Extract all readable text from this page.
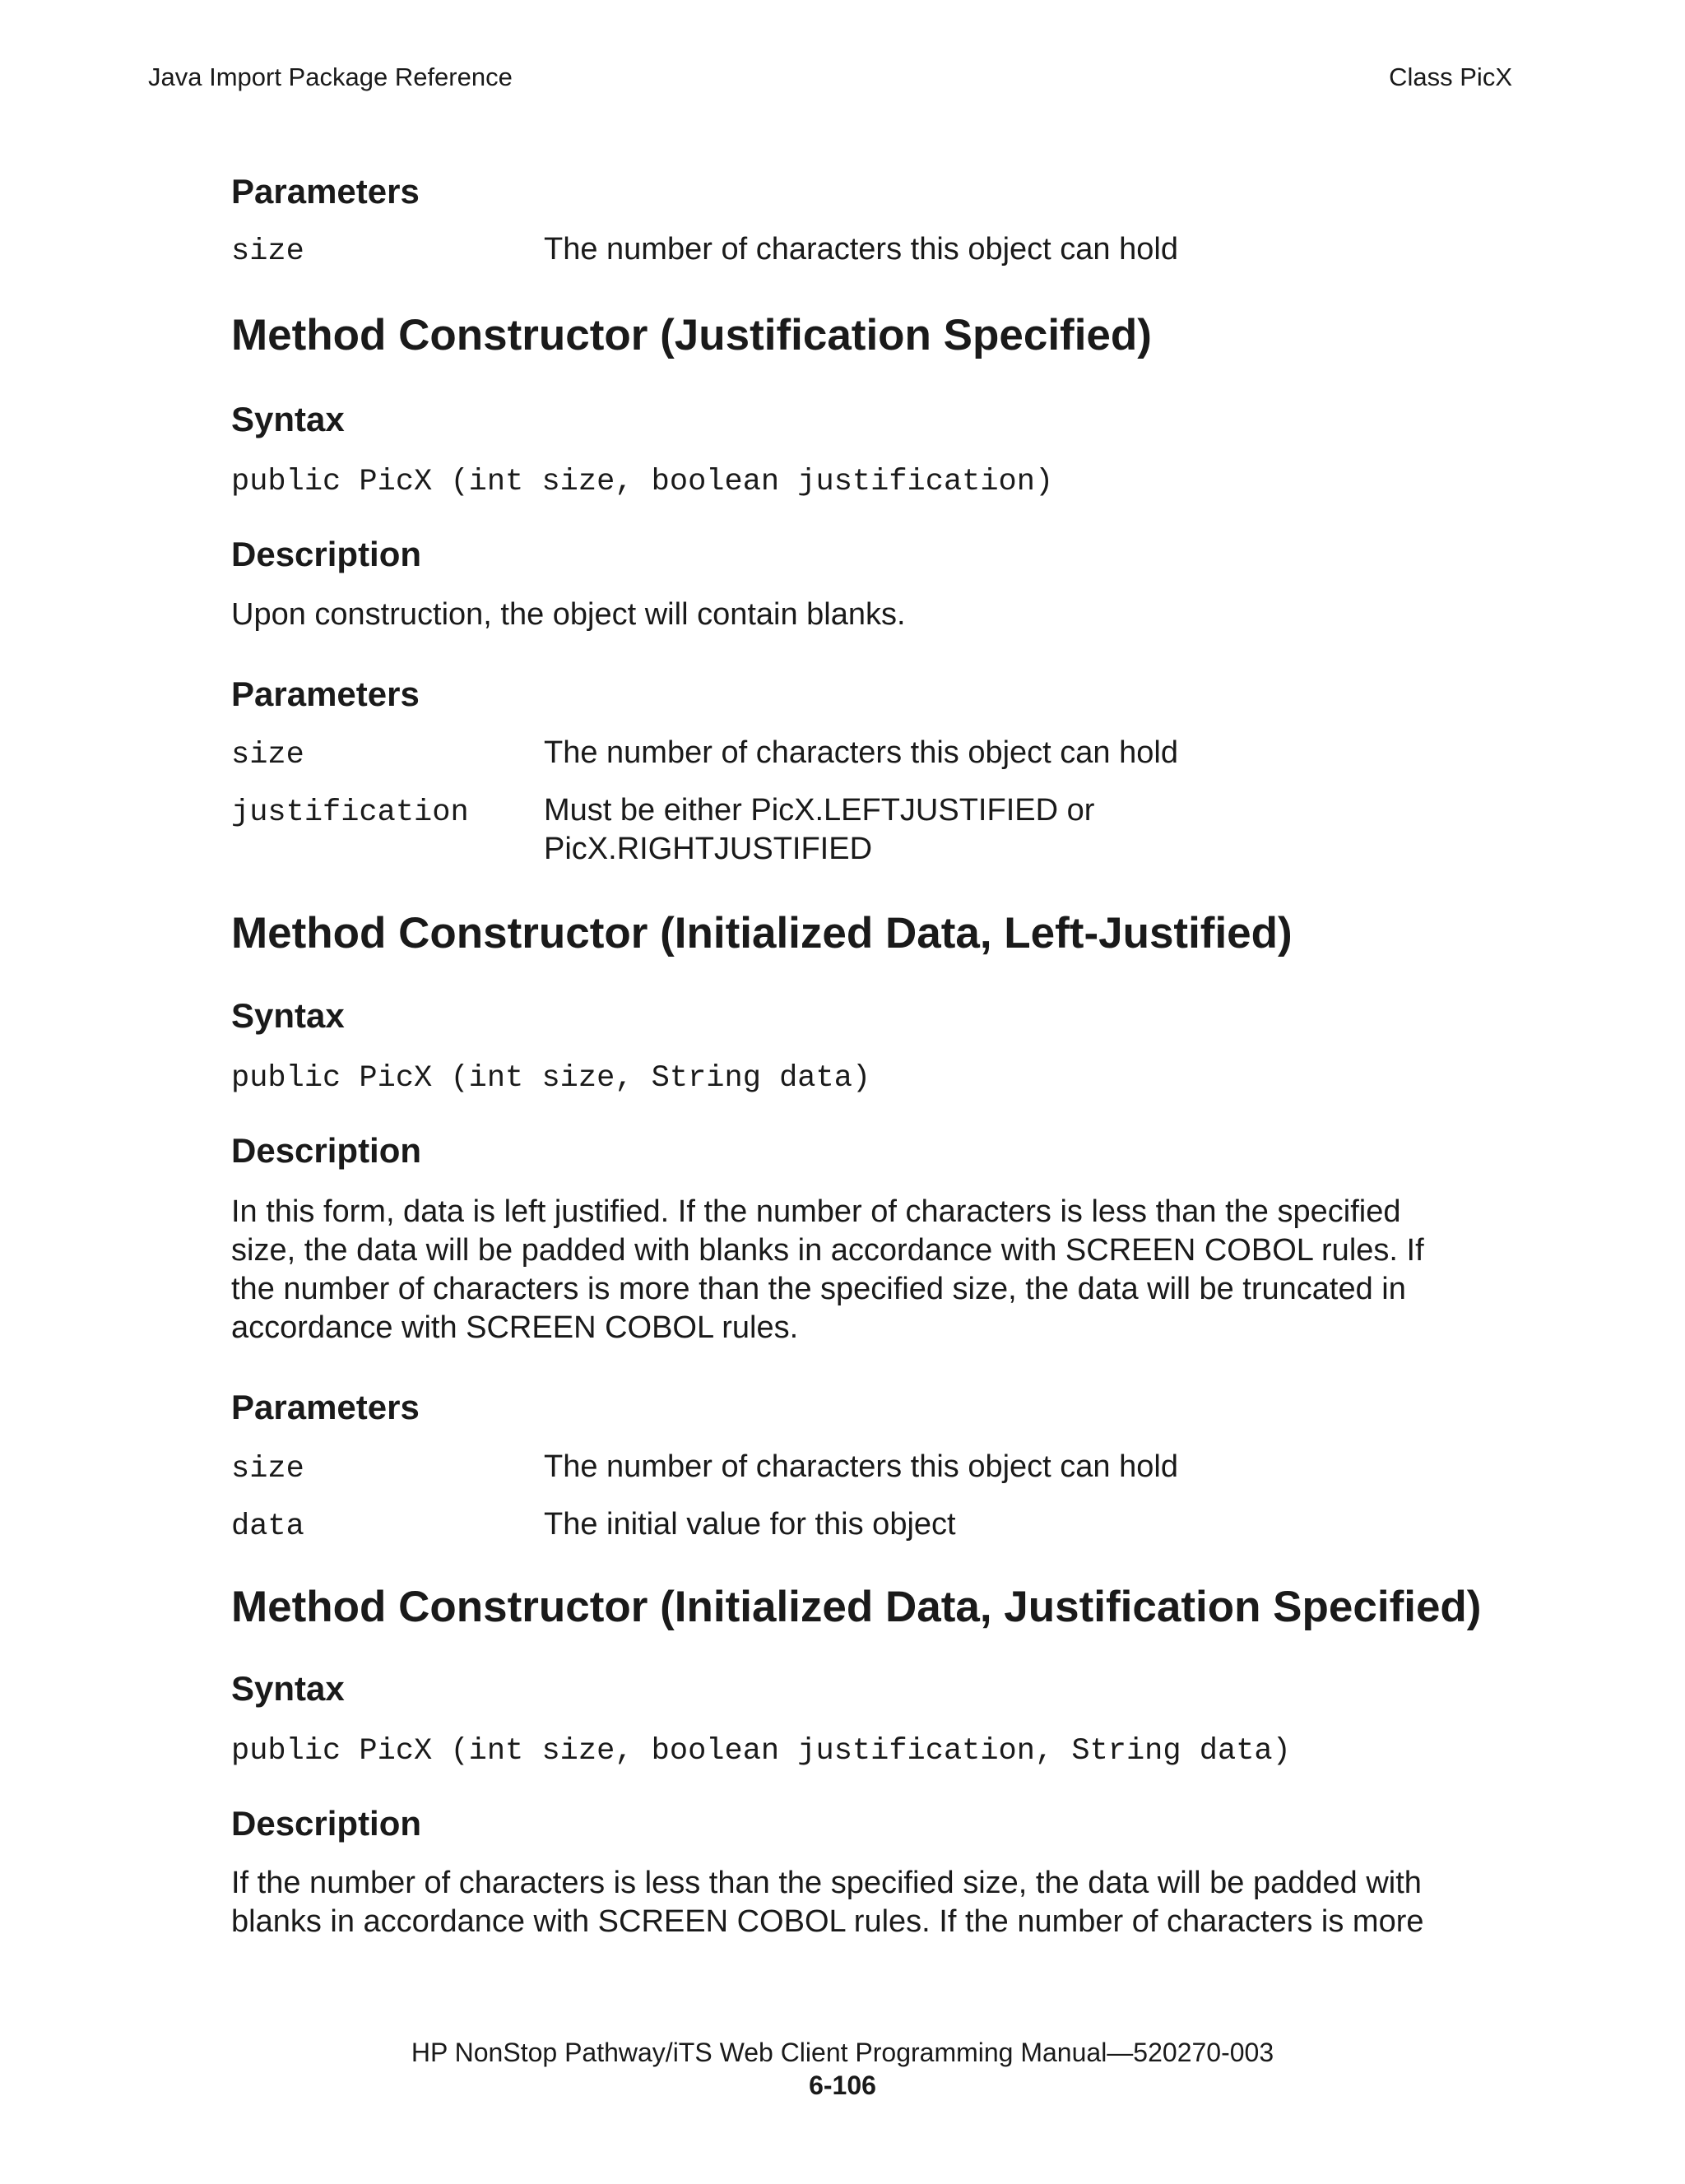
Java Import Package Reference	Class PicX

Parameters

size	The number of characters this object can hold

Method Constructor (Justification Specified)

Syntax

public PicX (int size, boolean justification)

Description

Upon construction, the object will contain blanks.

Parameters

size	The number of characters this object can hold
justification	Must be either PicX.LEFTJUSTIFIED or
PicX.RIGHTJUSTIFIED

Method Constructor (Initialized Data, Left-Justified)

Syntax

public PicX (int size, String data)

Description

In this form, data is left justified. If the number of characters is less than the specified

size, the data will be padded with blanks in accordance with SCREEN COBOL rules. If

the number of characters is more than the specified size, the data will be truncated in

accordance with SCREEN COBOL rules.

Parameters

size	The number of characters this object can hold
data	The initial value for this object

Method Constructor (Initialized Data, Justification Specified)

Syntax

public PicX (int size, boolean justification, String data)

Description

If the number of characters is less than the specified size, the data will be padded with

blanks in accordance with SCREEN COBOL rules. If the number of characters is more

HP NonStop Pathway/iTS Web Client Programming Manual—520270-003
6-106
